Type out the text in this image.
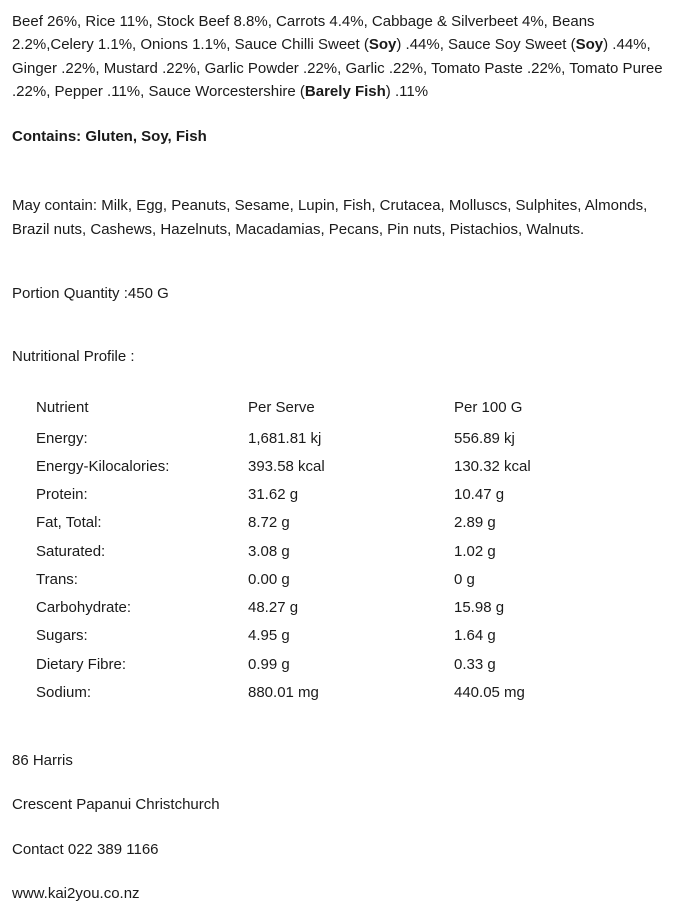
Beef 26%, Rice 11%, Stock Beef 8.8%, Carrots 4.4%, Cabbage & Silverbeet 4%, Beans 2.2%,Celery 1.1%, Onions 1.1%, Sauce Chilli Sweet (Soy) .44%, Sauce Soy Sweet (Soy) .44%, Ginger .22%, Mustard .22%, Garlic Powder .22%, Garlic .22%, Tomato Paste .22%, Tomato Puree .22%, Pepper .11%, Sauce Worcestershire (Barely Fish) .11%

Contains: Gluten, Soy, Fish

May contain: Milk, Egg, Peanuts, Sesame, Lupin, Fish, Crutacea, Molluscs, Sulphites, Almonds, Brazil nuts, Cashews, Hazelnuts, Macadamias, Pecans, Pin nuts, Pistachios, Walnuts.

Portion Quantity :450 G

Nutritional Profile :

Nutrient	Per Serve	Per 100 G
Energy:	1,681.81 kj	556.89 kj
Energy-Kilocalories:	393.58 kcal	130.32 kcal
Protein:	31.62 g	10.47 g
Fat, Total:	8.72 g	2.89 g
Saturated:	3.08 g	1.02 g
Trans:	0.00 g	0 g
Carbohydrate:	48.27 g	15.98 g
Sugars:	4.95 g	1.64 g
Dietary Fibre:	0.99 g	0.33 g
Sodium:	880.01 mg	440.05 mg

86 Harris

Crescent Papanui Christchurch

Contact 022 389 1166

www.kai2you.co.nz
